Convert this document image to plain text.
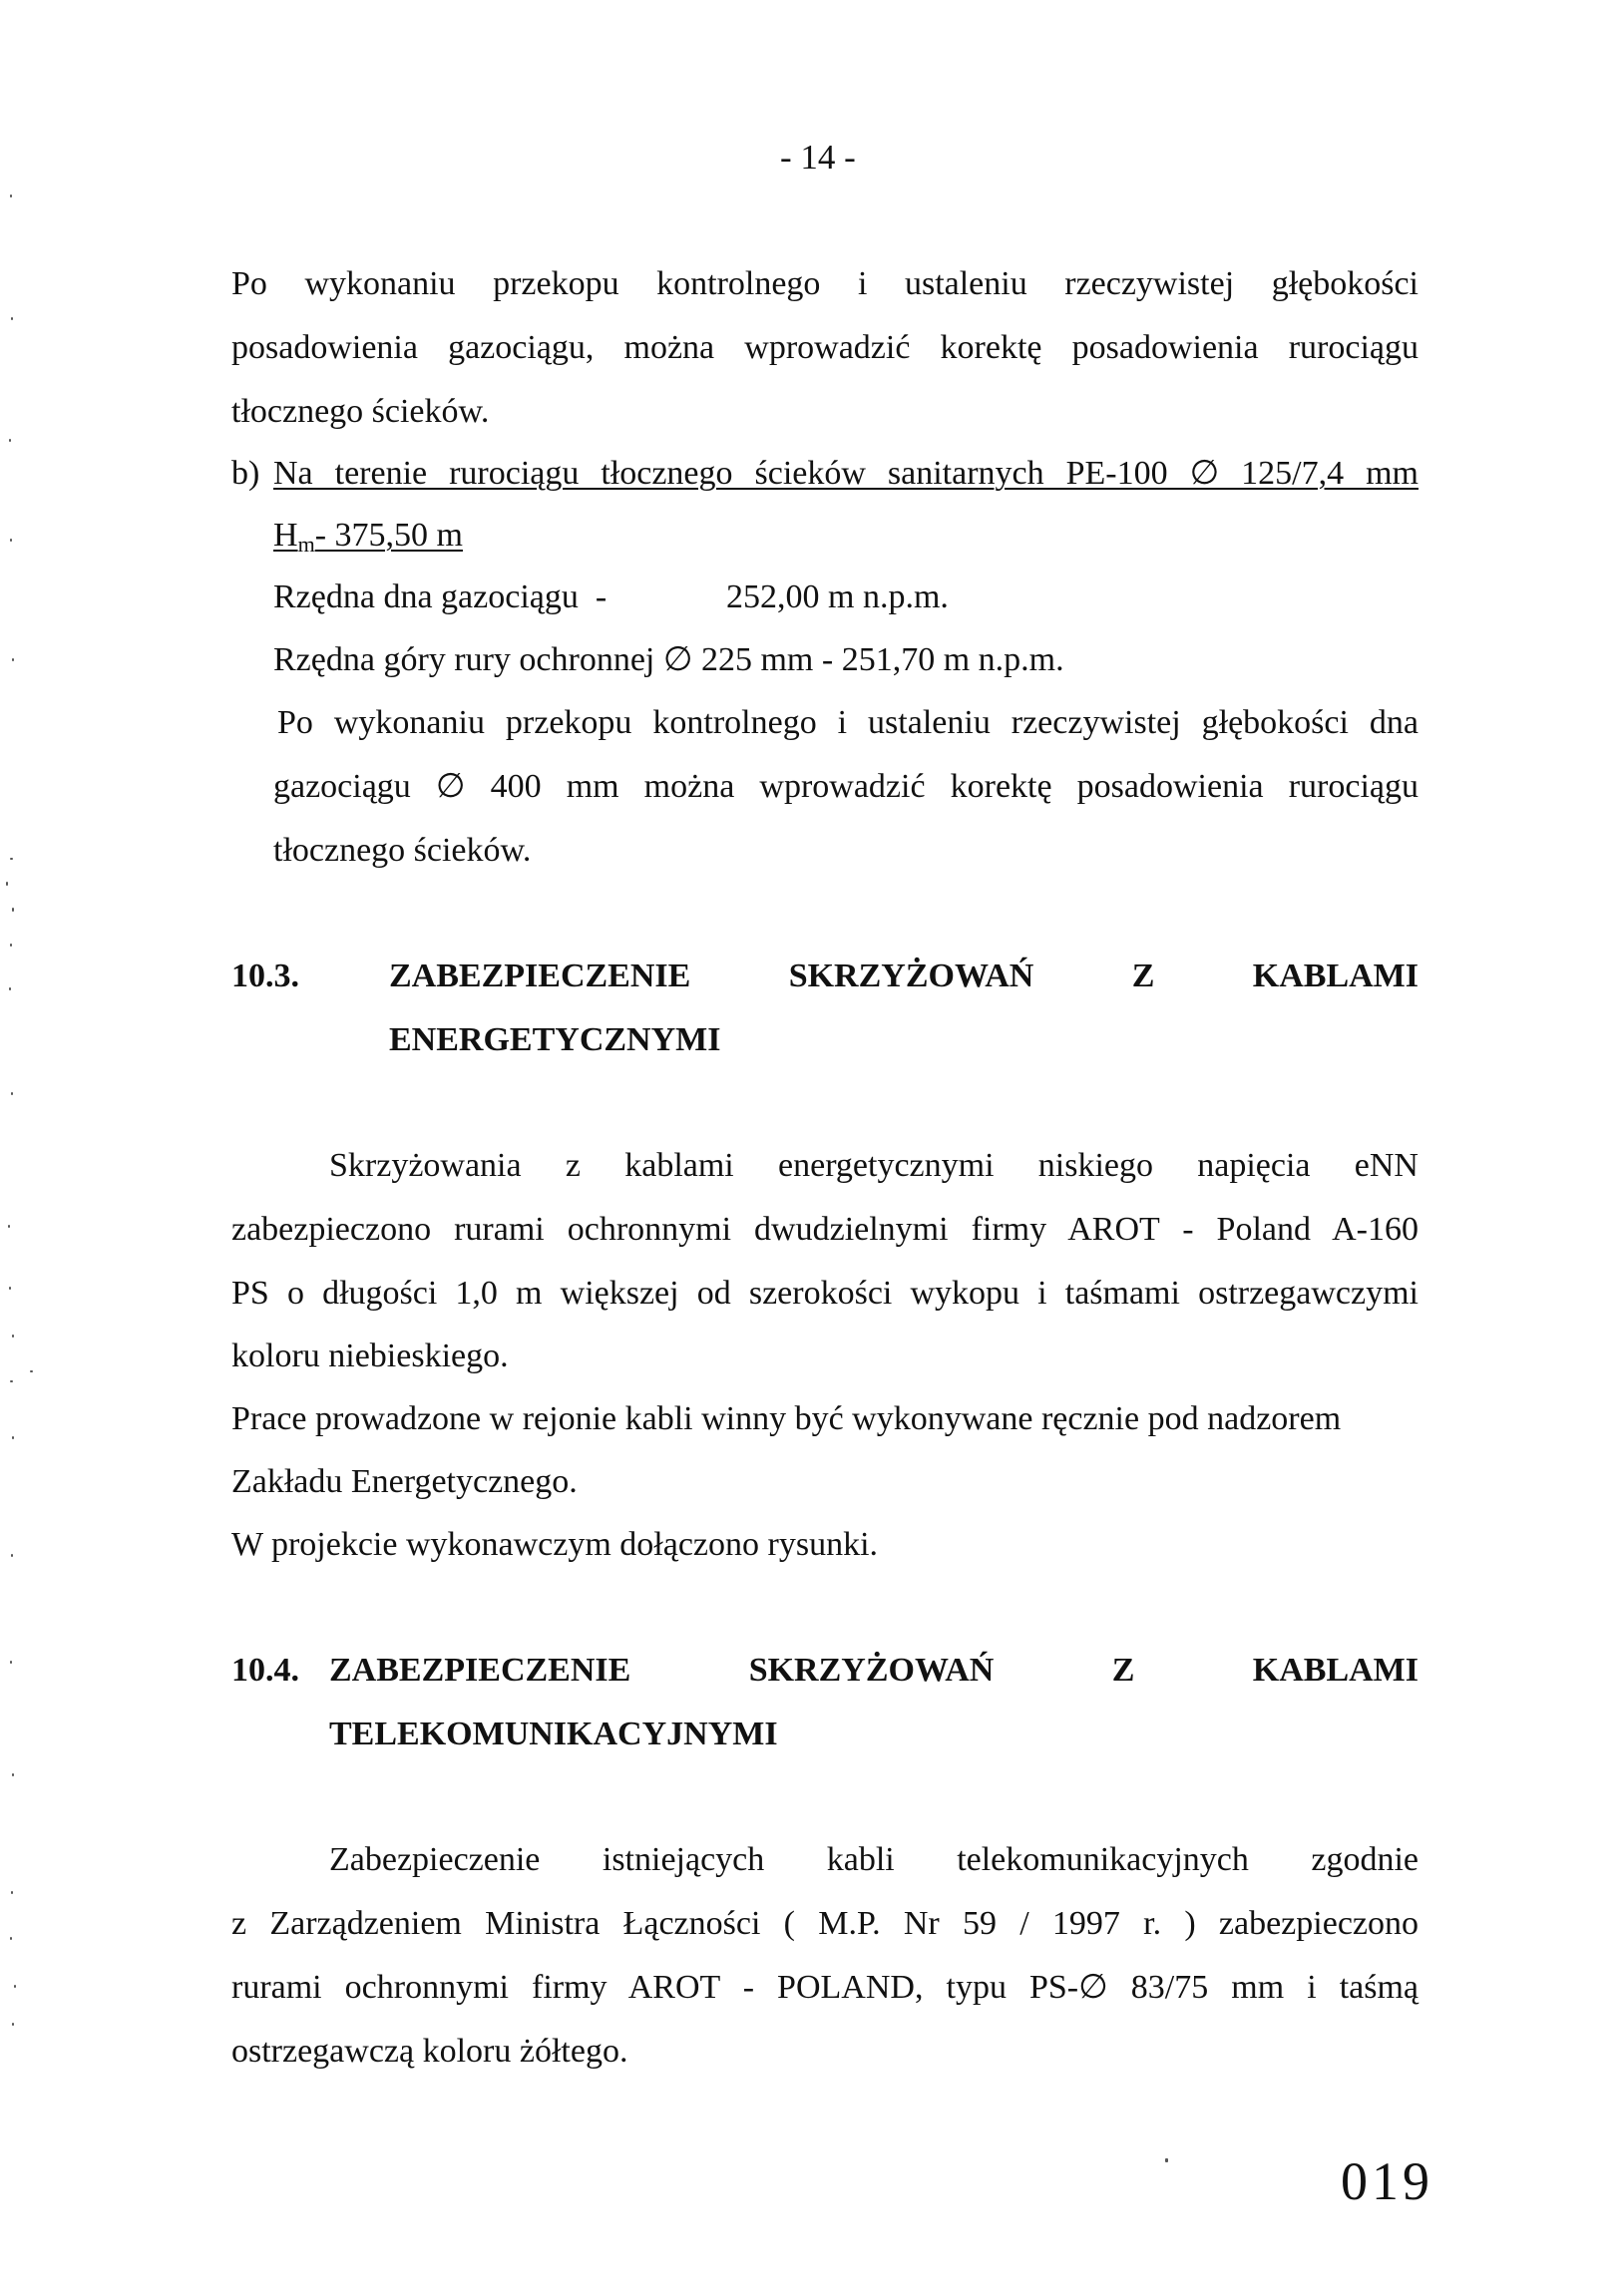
- 14 -
Po wykonaniu przekopu kontrolnego i ustaleniu rzeczywistej głębokości
posadowienia gazociągu, można wprowadzić korektę posadowienia rurociągu
tłocznego ścieków.
b) Na terenie rurociągu tłocznego ścieków sanitarnych PE-100 ∅ 125/7,4 mm
$H_m-$ 375,50 m
Rzędna dna gazociągu  -	252,00 m n.p.m.
Rzędna góry rury ochronnej ∅ 225 mm - 251,70 m n.p.m.
Po wykonaniu przekopu kontrolnego i ustaleniu rzeczywistej głębokości dna
gazociągu ∅ 400 mm można wprowadzić korektę posadowienia rurociągu
tłocznego ścieków.
10.3.	ZABEZPIECZENIE SKRZYŻOWAŃ Z KABLAMI
ENERGETYCZNYMI
Skrzyżowania z kablami energetycznymi niskiego napięcia eNN
zabezpieczono rurami ochronnymi dwudzielnymi firmy AROT - Poland A-160
PS o długości 1,0 m większej od szerokości wykopu i taśmami ostrzegawczymi
koloru niebieskiego.
Prace prowadzone w rejonie kabli winny być wykonywane ręcznie pod nadzorem
Zakładu Energetycznego.
W projekcie wykonawczym dołączono rysunki.
10.4. ZABEZPIECZENIE SKRZYŻOWAŃ Z KABLAMI
TELEKOMUNIKACYJNYMI
Zabezpieczenie istniejących kabli telekomunikacyjnych zgodnie
z Zarządzeniem Ministra Łączności ( M.P. Nr 59 / 1997 r. ) zabezpieczono
rurami ochronnymi firmy AROT - POLAND, typu PS-∅ 83/75 mm i taśmą
ostrzegawczą koloru żółtego.
019
